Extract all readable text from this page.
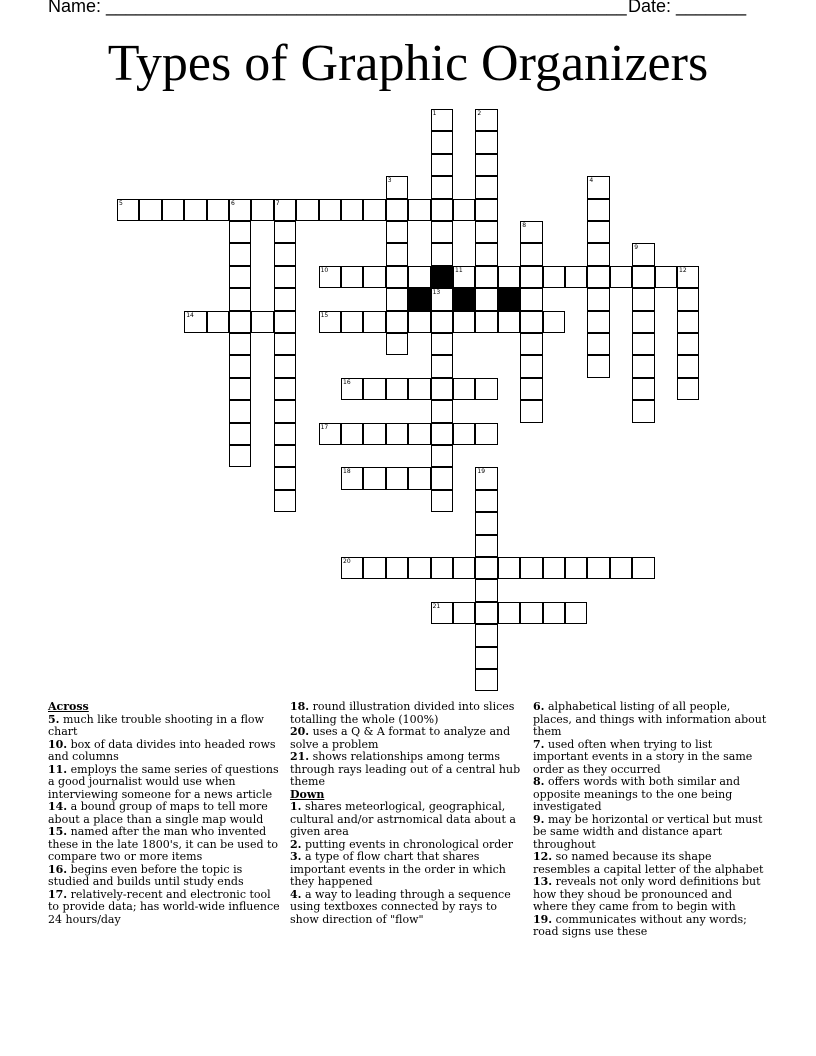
Name: ____________________________________________________ Date: _______
Types of Graphic Organizers
1
13
2
3	4
5	6	7
8
9
10	11	12
14	15
16
17
18	19
20
21
Across
5. much like trouble shooting in a flow chart
10. box of data divides into headed rows and columns
11. employs the same series of questions a good journalist would use when interviewing someone for a news article
14. a bound group of maps to tell more about a place than a single map would
15. named after the man who invented these in the late 1800's, it can be used to compare two or more items
16. begins even before the topic is studied and builds until study ends
17. relatively-recent and electronic tool to provide data; has world-wide influence 24 hours/day
18. round illustration divided into slices totalling the whole (100%)
20. uses a Q & A format to analyze and solve a problem
21. shows relationships among terms through rays leading out of a central hub theme
Down
1. shares meteorlogical, geographical, cultural and/or astrnomical data about a given area
2. putting events in chronological order
3. a type of flow chart that shares important events in the order in which they happened
4. a way to leading through a sequence using textboxes connected by rays to show direction of "flow"
6. alphabetical listing of all people, places, and things with information about them
7. used often when trying to list important events in a story in the same order as they occurred
8. offers words with both similar and opposite meanings to the one being investigated
9. may be horizontal or vertical but must be same width and distance apart throughout
12. so named because its shape resembles a capital letter of the alphabet
13. reveals not only word definitions but how they shoud be pronounced and where they came from to begin with
19. communicates without any words; road signs use these
